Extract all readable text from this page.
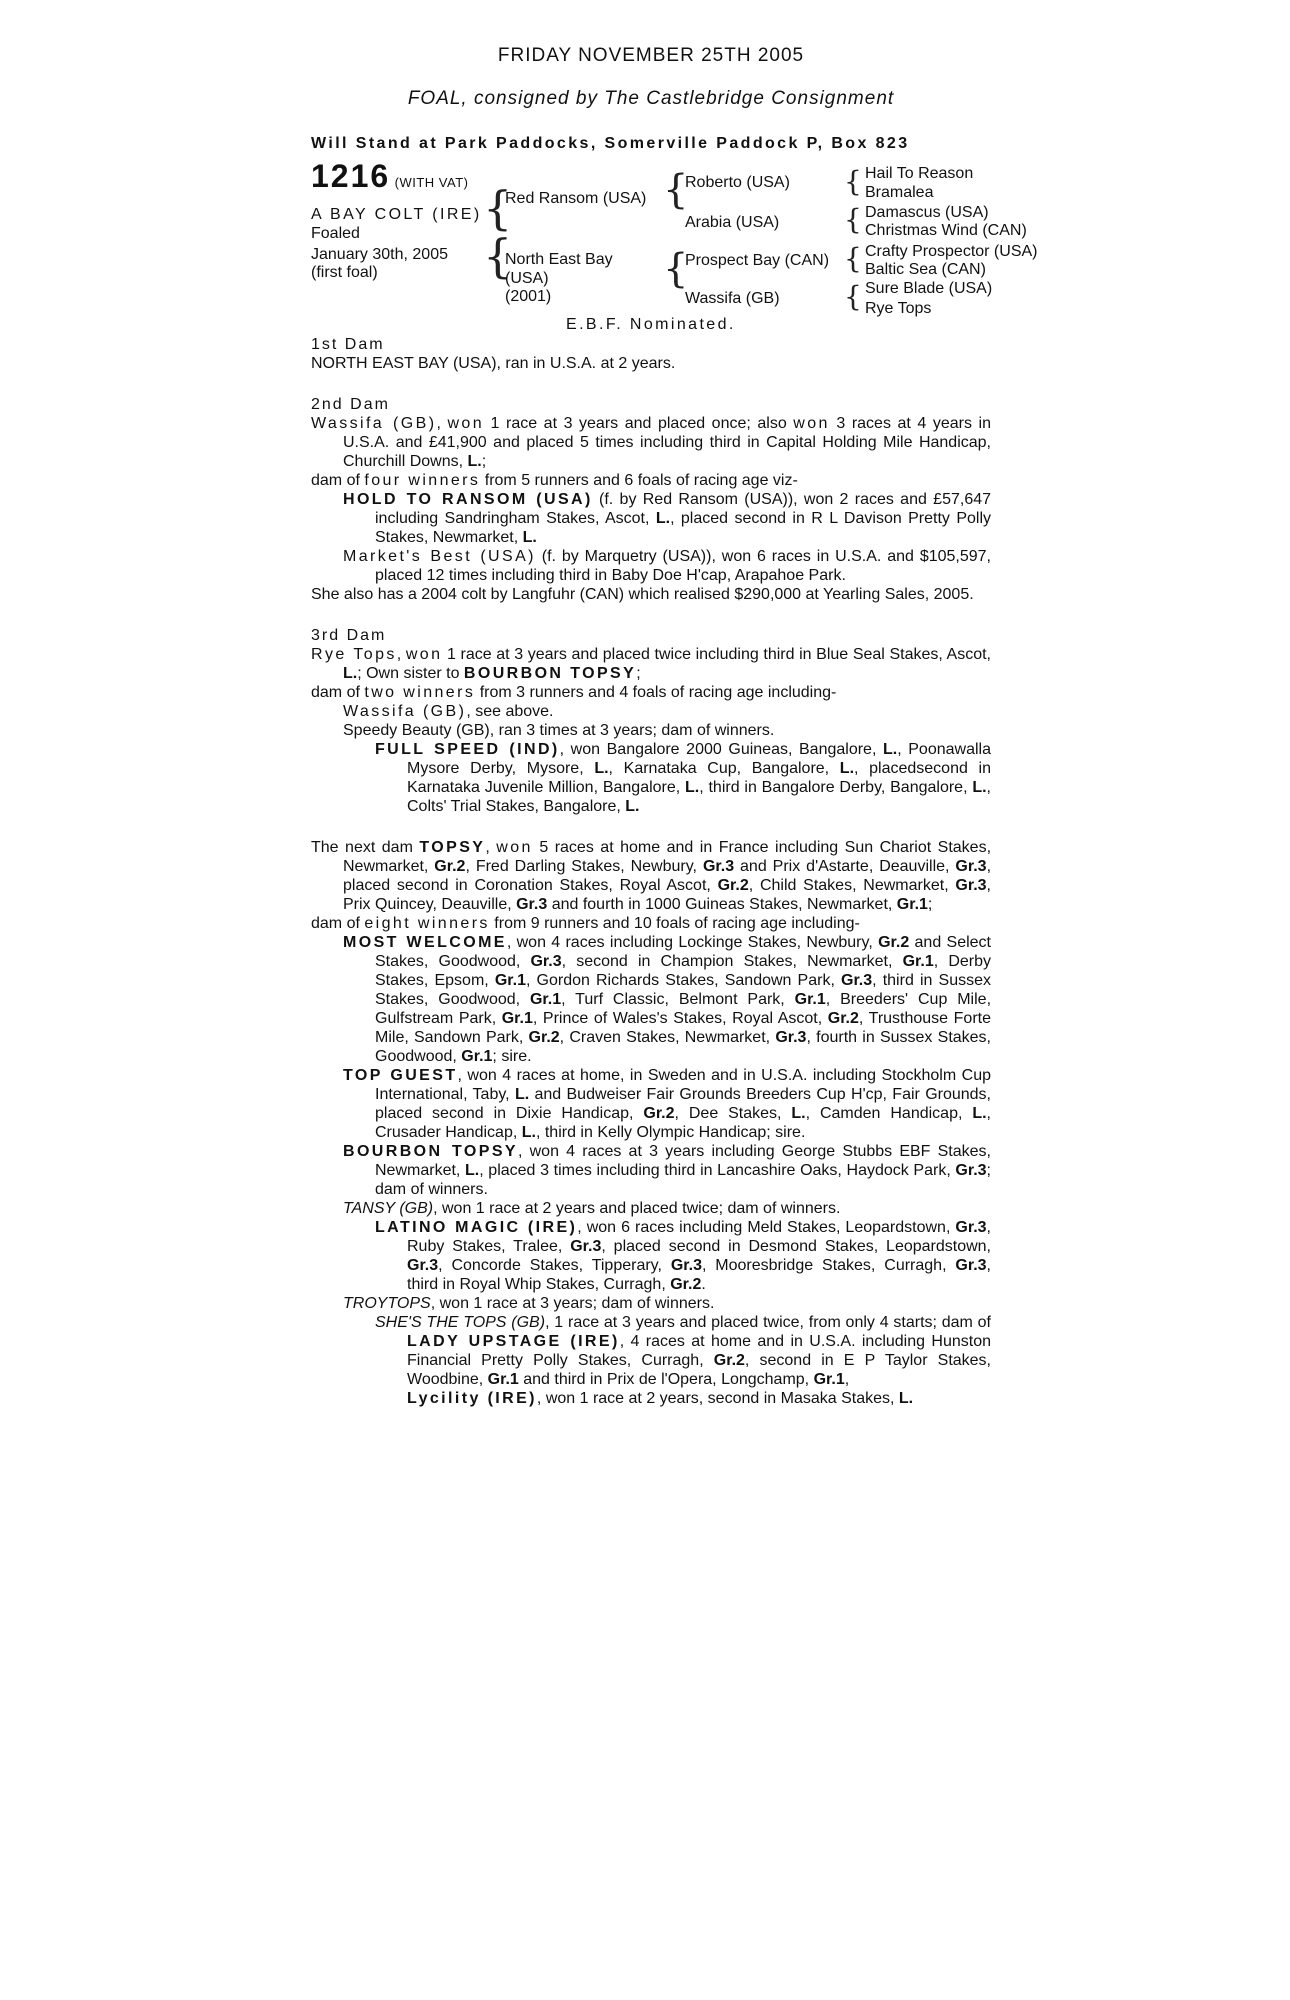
FRIDAY NOVEMBER 25TH 2005
FOAL, consigned by The Castlebridge Consignment
Will Stand at Park Paddocks, Somerville Paddock P, Box 823
1216 (WITH VAT)
A BAY COLT (IRE)
Foaled
January 30th, 2005
(first foal)
{
{
Red Ransom (USA)
North East Bay
(USA)
(2001)
{
{
Roberto (USA)
Arabia (USA)
Prospect Bay (CAN)
Wassifa (GB)
{
{
{
{
Hail To Reason
Bramalea
Damascus (USA)
Christmas Wind (CAN)
Crafty Prospector (USA)
Baltic Sea (CAN)
Sure Blade (USA)
Rye Tops
E.B.F. Nominated.
1st Dam
NORTH EAST BAY (USA), ran in U.S.A. at 2 years.
2nd Dam

Wassifa (GB), won 1 race at 3 years and placed once; also won 3 races at 4 years in U.S.A. and £41,900 and placed 5 times including third in Capital Holding Mile Handicap, Churchill Downs, L.;

dam of four winners from 5 runners and 6 foals of racing age viz-

HOLD TO RANSOM (USA) (f. by Red Ransom (USA)), won 2 races and £57,647 including Sandringham Stakes, Ascot, L., placed second in R L Davison Pretty Polly Stakes, Newmarket, L.

Market's Best (USA) (f. by Marquetry (USA)), won 6 races in U.S.A. and $105,597, placed 12 times including third in Baby Doe H'cap, Arapahoe Park.

She also has a 2004 colt by Langfuhr (CAN) which realised $290,000 at Yearling Sales, 2005.

3rd Dam

Rye Tops, won 1 race at 3 years and placed twice including third in Blue Seal Stakes, Ascot, L.; Own sister to BOURBON TOPSY;

dam of two winners from 3 runners and 4 foals of racing age including-

Wassifa (GB), see above.

Speedy Beauty (GB), ran 3 times at 3 years; dam of winners.

FULL SPEED (IND), won Bangalore 2000 Guineas, Bangalore, L., Poonawalla Mysore Derby, Mysore, L., Karnataka Cup, Bangalore, L., placedsecond in Karnataka Juvenile Million, Bangalore, L., third in Bangalore Derby, Bangalore, L., Colts' Trial Stakes, Bangalore, L.

The next dam TOPSY, won 5 races at home and in France including Sun Chariot Stakes, Newmarket, Gr.2, Fred Darling Stakes, Newbury, Gr.3 and Prix d'Astarte, Deauville, Gr.3, placed second in Coronation Stakes, Royal Ascot, Gr.2, Child Stakes, Newmarket, Gr.3, Prix Quincey, Deauville, Gr.3 and fourth in 1000 Guineas Stakes, Newmarket, Gr.1;

dam of eight winners from 9 runners and 10 foals of racing age including-

MOST WELCOME, won 4 races including Lockinge Stakes, Newbury, Gr.2 and Select Stakes, Goodwood, Gr.3, second in Champion Stakes, Newmarket, Gr.1, Derby Stakes, Epsom, Gr.1, Gordon Richards Stakes, Sandown Park, Gr.3, third in Sussex Stakes, Goodwood, Gr.1, Turf Classic, Belmont Park, Gr.1, Breeders' Cup Mile, Gulfstream Park, Gr.1, Prince of Wales's Stakes, Royal Ascot, Gr.2, Trusthouse Forte Mile, Sandown Park, Gr.2, Craven Stakes, Newmarket, Gr.3, fourth in Sussex Stakes, Goodwood, Gr.1; sire.

TOP GUEST, won 4 races at home, in Sweden and in U.S.A. including Stockholm Cup International, Taby, L. and Budweiser Fair Grounds Breeders Cup H'cp, Fair Grounds, placed second in Dixie Handicap, Gr.2, Dee Stakes, L., Camden Handicap, L., Crusader Handicap, L., third in Kelly Olympic Handicap; sire.

BOURBON TOPSY, won 4 races at 3 years including George Stubbs EBF Stakes, Newmarket, L., placed 3 times including third in Lancashire Oaks, Haydock Park, Gr.3; dam of winners.

TANSY (GB), won 1 race at 2 years and placed twice; dam of winners.

LATINO MAGIC (IRE), won 6 races including Meld Stakes, Leopardstown, Gr.3, Ruby Stakes, Tralee, Gr.3, placed second in Desmond Stakes, Leopardstown, Gr.3, Concorde Stakes, Tipperary, Gr.3, Mooresbridge Stakes, Curragh, Gr.3, third in Royal Whip Stakes, Curragh, Gr.2.

TROYTOPS, won 1 race at 3 years; dam of winners.

SHE'S THE TOPS (GB), 1 race at 3 years and placed twice, from only 4 starts; dam of LADY UPSTAGE (IRE), 4 races at home and in U.S.A. including Hunston Financial Pretty Polly Stakes, Curragh, Gr.2, second in E P Taylor Stakes, Woodbine, Gr.1 and third in Prix de l'Opera, Longchamp, Gr.1,

Lycility (IRE), won 1 race at 2 years, second in Masaka Stakes, L.
